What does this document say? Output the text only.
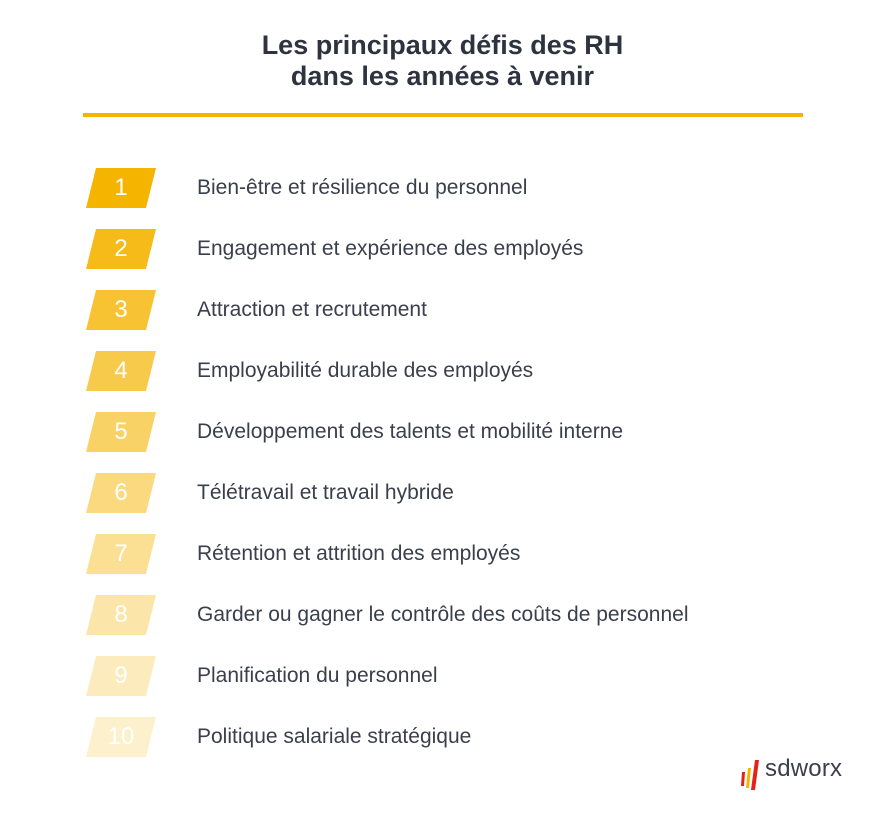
Les principaux défis des RH
dans les années à venir
1	Bien-être et résilience du personnel
2	Engagement et expérience des employés
3	Attraction et recrutement
4	Employabilité durable des employés
5	Développement des talents et mobilité interne
6	Télétravail et travail hybride
7	Rétention et attrition des employés
8	Garder ou gagner le contrôle des coûts de personnel
9	Planification du personnel
10	Politique salariale stratégique
sdworx
